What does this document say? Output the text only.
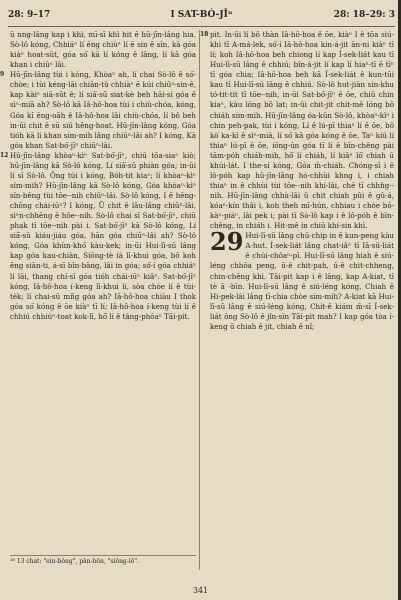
28: 9–17	I SAT-BÓ-JĪⁿ	28: 18–29: 3
ū nng-lâng kap i khì, mī-sī khì hit ê hū-jīn-lâng hia. Sò-lô kóng, Chhiáⁿ lí ēng chiùⁿ lí ē sin ê sîn, kā góa kiàⁿ hoat-sūt, góa só͘ kā lí kóng ê lâng, lí kā góa khan i chiūⁿ lâi.
9 Hū-jīn-lâng tùi i kóng, Khòaⁿ ah, lí chai Sò-lô ê só͘-chòe; i tùi kéng-lāi chiân-tû chhiàⁿ ê kúi chiūⁿ-sin-ê, kap kàiⁿ siā-sūt ê; lí siā͘-sū siat-kè beh hāi-sí góa ê sìⁿ-miā ah? Sò-lô kā Iâ-hô-hoa tùi i chiù-chóa, kóng, Góa kî ēng-oāh ê Iâ-hô-hoa lâi chiù-chóa, lí bô beh in-ūi chit ê sū siū hêng-hoat. Hū-jīn-lâng kóng, Góa tióh kā lí khan sím-mih lâng chiūⁿ-lâi ah? I kóng, Kā góa khan Sat-bó͘-jīⁿ chiūⁿ-lâi.
12 Hū-jīn-lâng khòaⁿ-kìⁿ Sat-bó͘-jīⁿ, chiū tōa-siaⁿ kiò; hū-jīn-lâng kā Sò-lô kóng, Lí siā͘-sū phiàn góa; in-ūi lí sī Sò-lô. Ông tùi i kóng, Bóh-tit kiaⁿ; lí khòaⁿ-kìⁿ sím-mih? Hū-jīn-lâng kā Sò-lô kóng, Góa khòaⁿ-kìⁿ sîn-bêng tùi tōe--nih chiūⁿ-lâi. Sò-lô kóng, I ê hêng-chōng chái-iūⁿ? I kóng, Ū chit ê lāu-lâng chiūⁿ-lâi, siⁿn-chhēng ê hôe--nih. Sò-lô chai sī Sat-bó͘-jīⁿ, chiū phak tī tōe--nih pài i. Sat-bó͘-jīⁿ kā Sò-lô kóng, Lí siā͘-sū kiáu-jiáu góa, hān góa chiūⁿ-lâi ah? Sò-lô kóng, Góa khùn-khó͘ kàu-kek; in-ūi Hui-lī-sū lâng kap góa kau-chiàn, Siōng-tè iā lī-khui góa, bô koh ēng siān-ti, á-sī bîn-bāng, lâi in góa; só͘-í góa chhiáⁿ lí lâi, thang chí-sī góa tióh chái-iūⁿ kiâⁿ. Sat-bó͘-jīⁿ kóng, Iâ-hô-hoa í-keng lī-khui lí, sòa chòe lí ê tùi-tèk; lí chai-sū mñg góa ah? Iâ-hô-hoa chiàu I thok góa só͘ kóng ê ōe kiàⁿ tī lí; Iâ-hô-hoa í-keng tùi lí ê chhiú chhiúⁿ-toat kok-lī, hō͘ lí ê tâng-phōaⁿ Tāi-pit.
18 pit. In-ūi lí bô thàn Iâ-hô-hoa ê ōe, kiàⁿ I ê tōa siú-khì tī A-má-lek, só͘-í Iâ-hô-hoa kin-á-jit ān-ni kiàⁿ tī lí; koh Iâ-hô-hoa beh chiong lí kap Í-sek-liát kau tī Hui-lī-sū lâng ê chhiú; bîn-á-jit lí kap lí hiaⁿ-tī ē tīⁿ tī góa chia; Iâ-hô-hoa beh kā Í-sek-liát ê kun-tūi kau tī Hui-lī-sū lâng ê chhiú. Sò-lô hut-jiân sin-khu tó-tit-tit tī tōe--nih, in-ūi Sat-bó͘-jīⁿ ê ōe, chiū chin kiaⁿ, kàu lóng bô lat; in-ūi chit-jit chit-mê lóng bô chiáh sím-mih. Hū-jīn-lâng óa-kūn Sò-lô, khòaⁿ-kìⁿ i chin peh-pak, tùi i kóng, Lí ê lú-pī thiaⁿ lí ê ōe, bô kò͘ ka-kī ê sìⁿ-miā, lí só͘ kā góa kóng ê ōe. Taⁿ kiû lí thiaⁿ lú-pī ê ōe, iōng-ūn góa tī lí ê bīn-chêng pài tām-póh chiáh-mih, hō͘ lí chiáh, lí kiâⁿ lō͘ chiah ū khùi-lát. I the-sí kóng, Góa m̄-chiáh. Chóng-sī i ê lô-póh kap hū-jīn-lâng hó-chhùi khng i, i chiah thiaⁿ in ê chhùi tùi tōe--nih khí-lâi, chē tī chhn̂g--nih. Hū-jīn-lâng chhù-lāi ū chit chiah pûi ê gû-á, kóaⁿ-kín thâi i, koh theh mī-hún, chhiau i chòe bô-kàⁿ-piáⁿ, lâi pek i; pài tī Sò-lô kap i ê lô-póh ê bīn-chêng, in chiáh i. Hit-mê in chiū khí-sin khì.
29 Hui-lī-sū lâng chū-chip in ê kun-peng kàu A-hut. Í-sek-liát lâng chat-iâⁿ tī Iâ-sū-liát ê chúi-chôaⁿ-pī. Hui-lī-sū lâng hiah ê siú-léng chhōa peng, ū-ê chit-pah, ū-ê chit-chheng, chin-chêng khì. Tāi-pit kap i ê lâng, kap A-kiat, tī tè ā -bīn. Hui-lī-sū lâng ê siú-léng kóng, Chiah ê Hi-pek-lâi lâng tī-chia chòe sím-mih? A-kiat kā Hui-lī-sū lâng ê siú-léng kóng, Chit-ê kiám m̄-sī Í-sek-liát ông Sò-lô ê jîn-sīn Tāi-pit mah? I kap góa tòa í-keng ū chiah ê jit, chiah ê nî;
¹⁸ 13 chat: "ein-bông", pān-bōn, "siōng-iē".
341
